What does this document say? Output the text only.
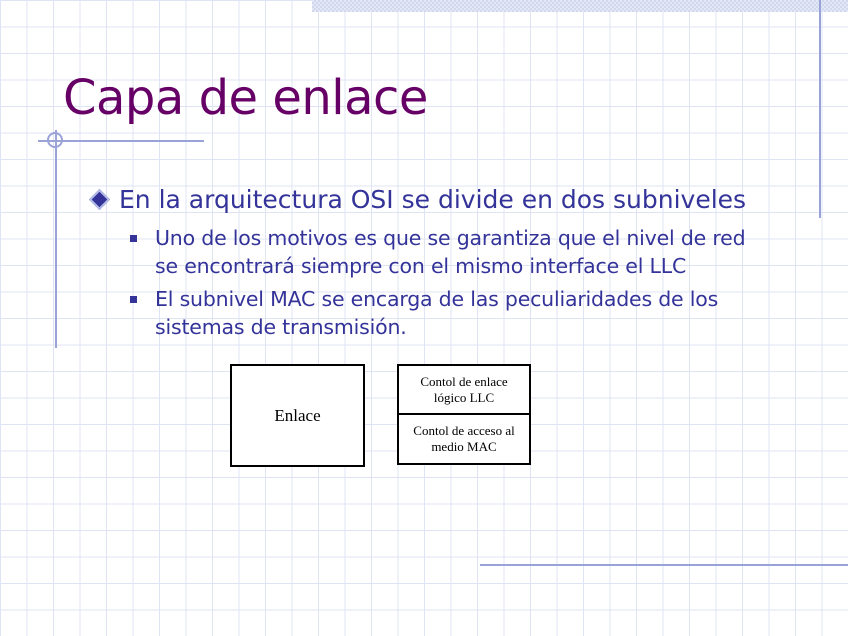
Capa de enlace
En la arquitectura OSI se divide en dos subniveles
Uno de los motivos es que se garantiza que el nivel de red se encontrará siempre con el mismo interface el LLC
El subnivel MAC se encarga de las peculiaridades de los sistemas de transmisión.
Enlace
Contol de enlace lógico LLC
Contol de acceso al medio MAC
